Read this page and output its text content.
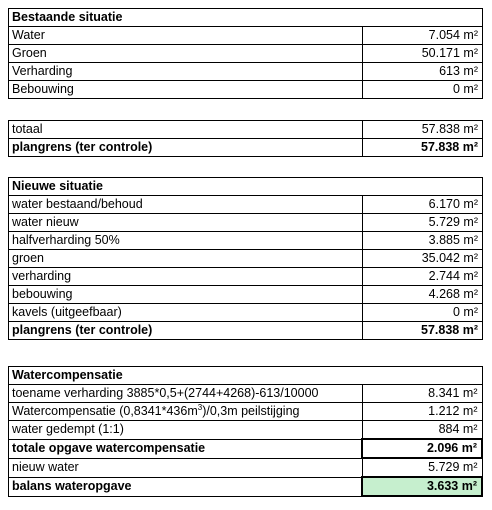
Bestaande situatie	
Water	7.054 m²
Groen	50.171 m²
Verharding	613 m²
Bebouwing	0 m²
totaal	57.838 m²
plangrens (ter controle)	57.838 m²
Nieuwe situatie	
water bestaand/behoud	6.170 m²
water nieuw	5.729 m²
halfverharding 50%	3.885 m²
groen	35.042 m²
verharding	2.744 m²
bebouwing	4.268 m²
kavels (uitgeefbaar)	0 m²
plangrens (ter controle)	57.838 m²
Watercompensatie	
toename verharding 3885*0,5+(2744+4268)-613/10000	8.341 m²
Watercompensatie $(0,8341*436m^3)/0,3m$ peilstijging	1.212 m²
water gedempt (1:1)	884 m²
totale opgave watercompensatie	2.096 m²
nieuw water	5.729 m²
balans wateropgave	3.633 m²
